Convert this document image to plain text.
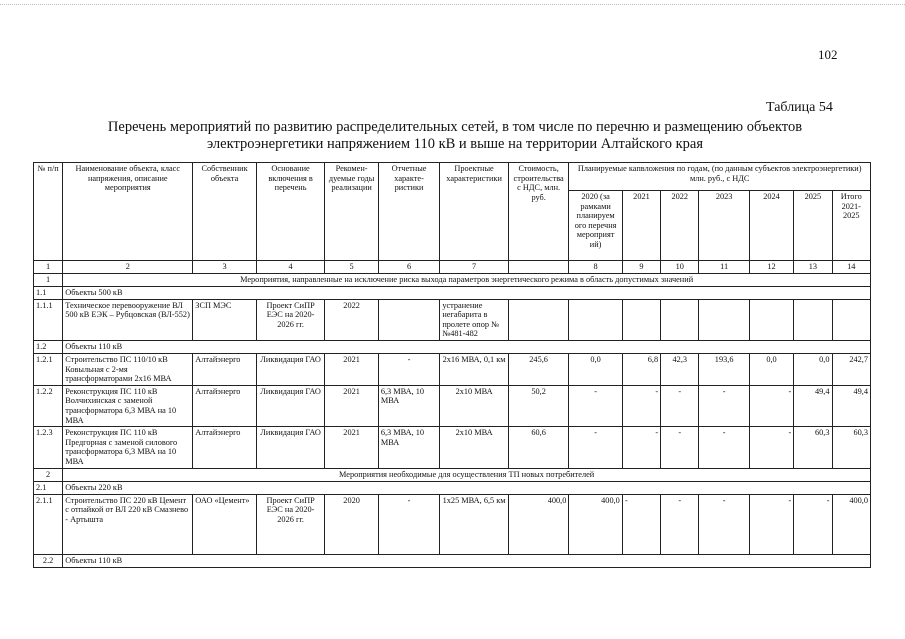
102
Таблица 54
Перечень мероприятий по развитию распределительных сетей, в том числе по перечню и размещению объектов
электроэнергетики напряжением 110 кВ и выше на территории Алтайского края
№ п/п	Наименование объекта, класс напряжения, описание мероприятия	Собственник объекта	Основание включения в перечень	Рекомен-дуемые годы реализации	Отчетные характе-ристики	Проектные характеристики	Стоимость, строительства с НДС, млн. руб.	Планируемые капвложения по годам, (по данным субъектов электроэнергетики) млн. руб., с НДС						
								2020 (за рамками планируем ого перечня мероприят ий)	2021	2022	2023	2024	2025	Итого 2021-2025
1	2	3	4	5	6	7		8	9	10	11	12	13	14
1	Мероприятия, направленные на исключение риска выхода параметров энергетического режима в область допустимых значений													
1.1	Объекты 500 кВ													
1.1.1	Техническое перевооружение ВЛ 500 кВ ЕЭК – Рубцовская (ВЛ-552)	ЗСП МЭС	Проект СиПР ЕЭС на 2020-2026 гг.	2022		устранение негабарита в пролете опор №№481-482								
1.2	Объекты 110 кВ													
1.2.1	Строительство ПС 110/10 кВ Ковыльная с 2-мя трансформаторами 2х16 МВА	Алтайэнерго	Ликвидация ГАО	2021	-	2х16 МВА, 0,1 км	245,6	0,0	6,8	42,3	193,6	0,0	0,0	242,7
1.2.2	Реконструкция ПС 110 кВ Волчихинская с заменой трансформатора 6,3 МВА на 10 МВА	Алтайэнерго	Ликвидация ГАО	2021	6,3 МВА, 10 МВА	2х10 МВА	50,2	-	-	-	-	-	49,4	49,4
1.2.3	Реконструкция ПС 110 кВ Предгорная с заменой силового трансформатора 6,3 МВА на 10 МВА	Алтайэнерго	Ликвидация ГАО	2021	6,3 МВА, 10 МВА	2х10 МВА	60,6	-	-	-	-	-	60,3	60,3
2	Мероприятия необходимые для осуществления ТП новых потребителей													
2.1	Объекты 220 кВ													
2.1.1	Строительство ПС 220 кВ Цемент с отпайкой от ВЛ 220 кВ Смазнево - Артышта	ОАО «Цемент»	Проект СиПР ЕЭС на 2020-2026 гг.	2020	-	1х25 МВА, 6,5 км	400,0	400,0	-	-	-	-	-	400,0
2.2	Объекты 110 кВ													
